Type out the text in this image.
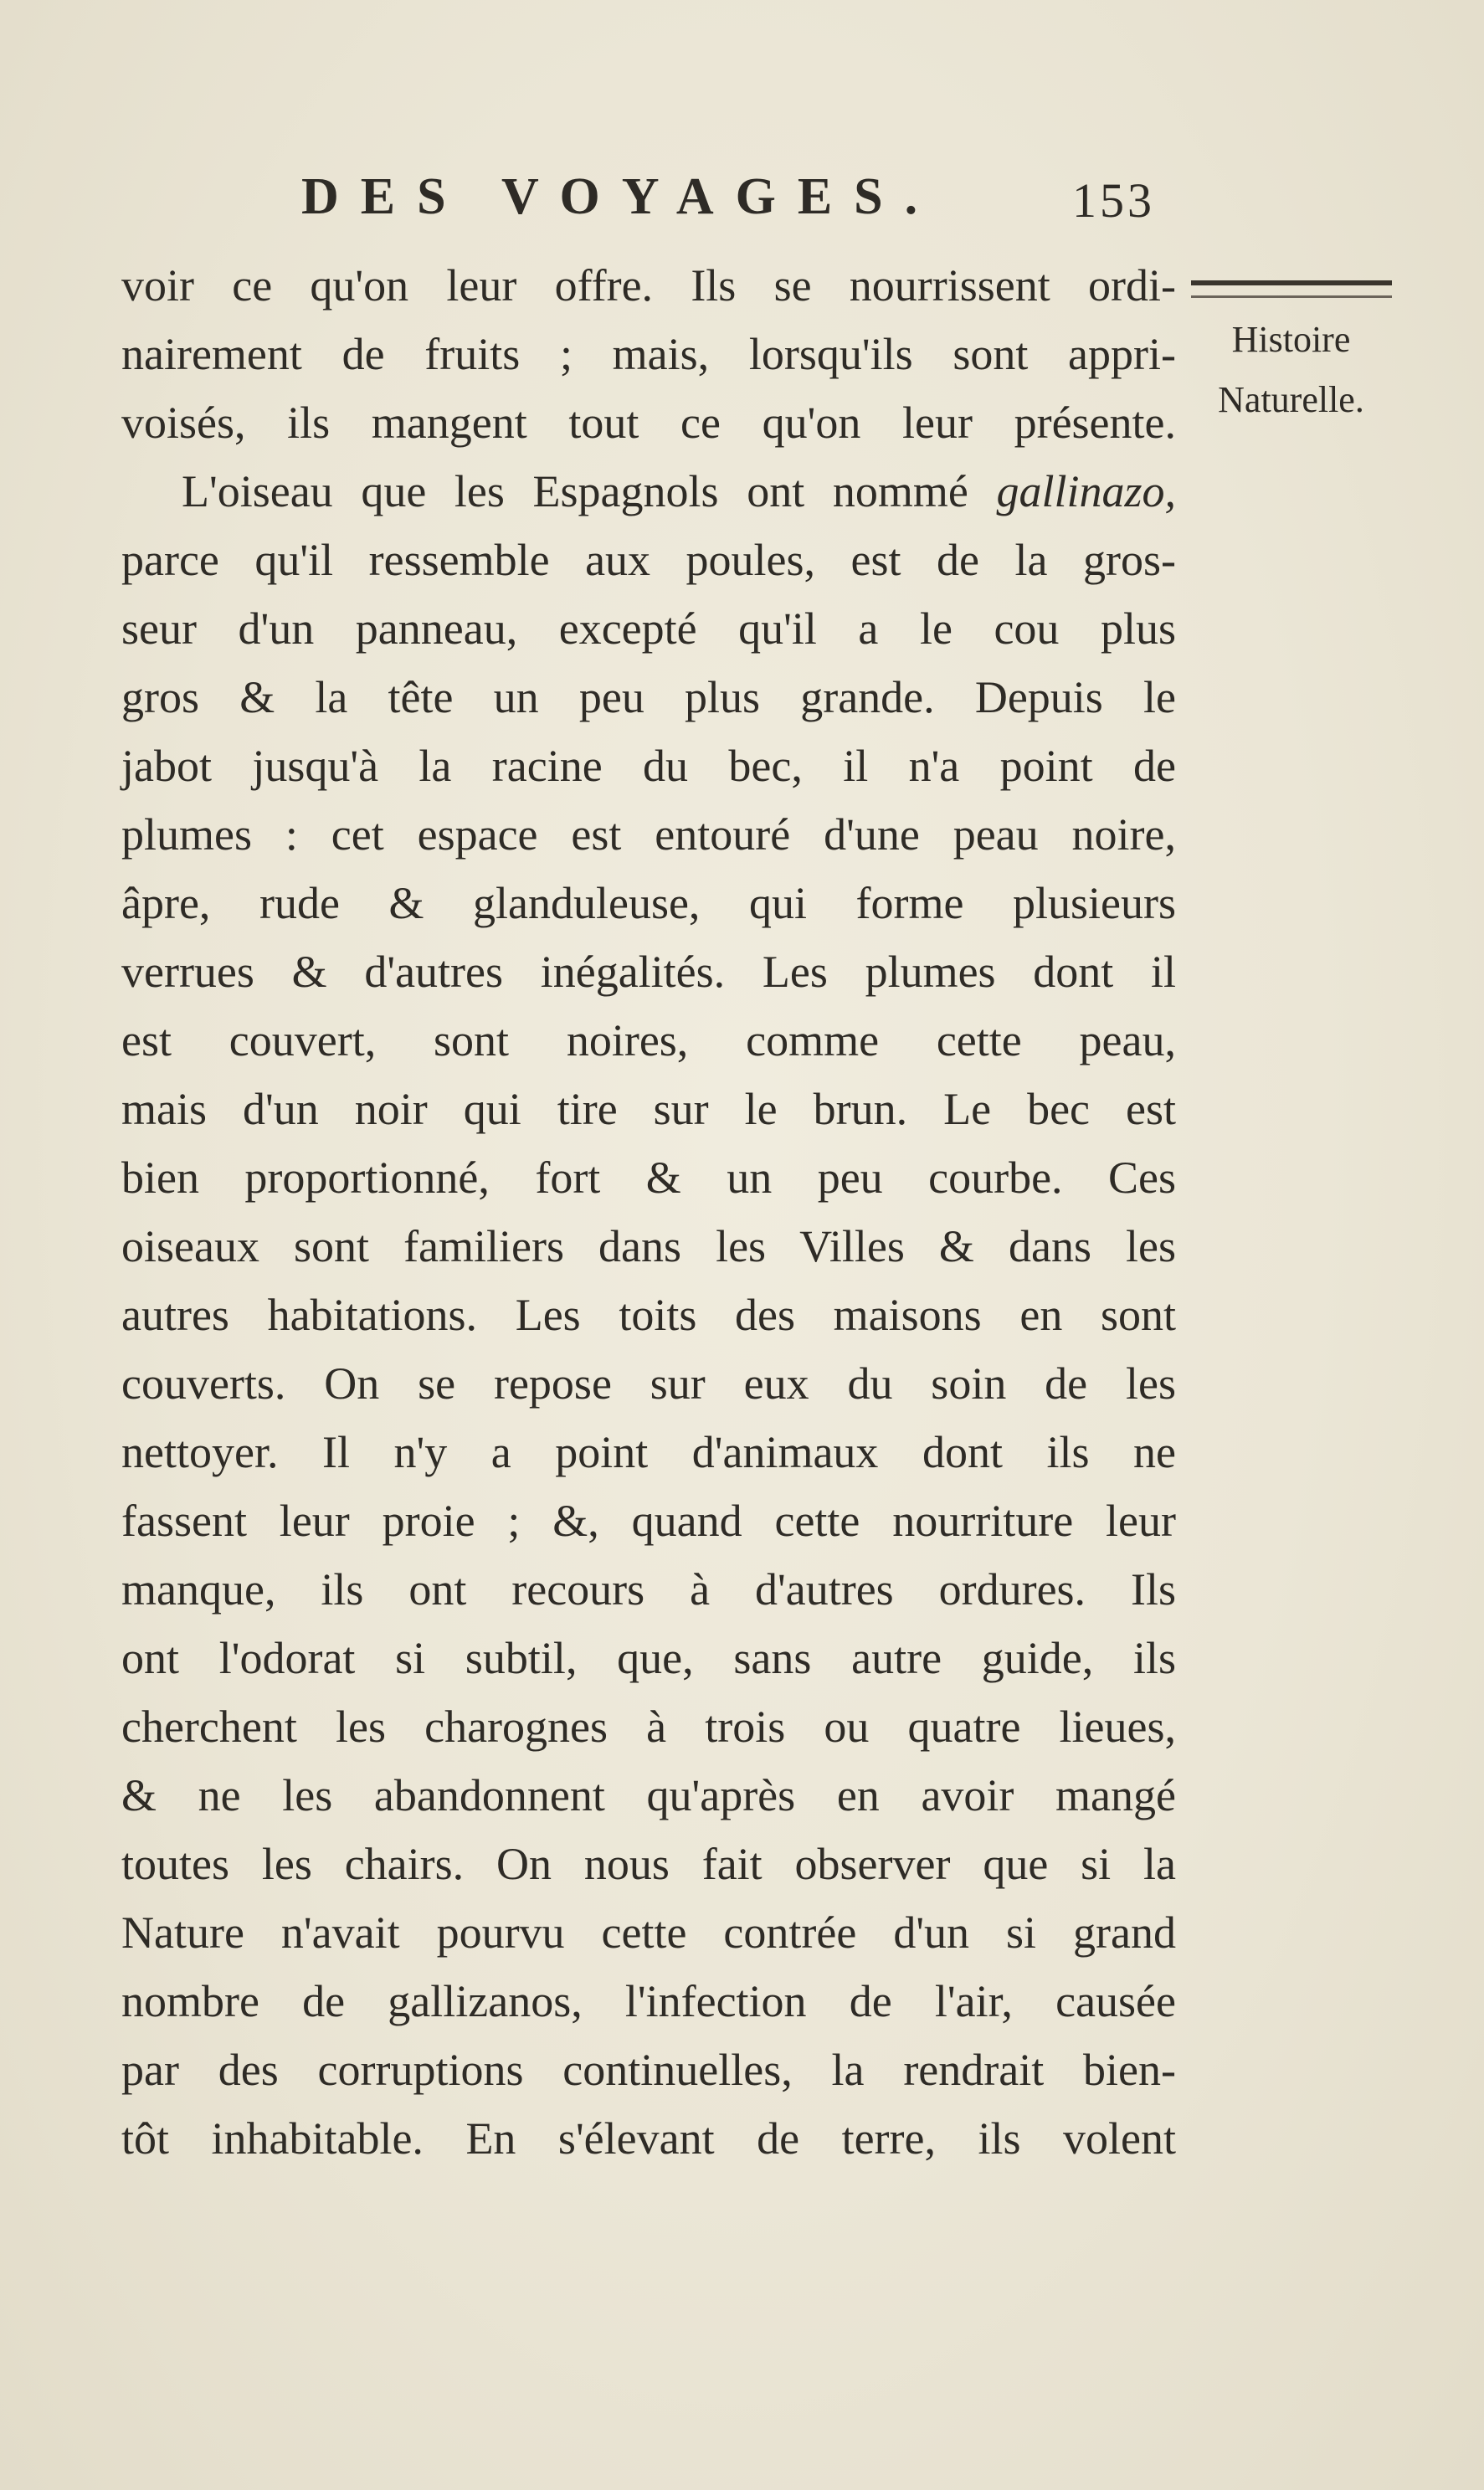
DES VOYAGES.	153
Histoire
Naturelle.
voir ce qu'on leur offre. Ils se nourrissent ordi-
nairement de fruits ; mais, lorsqu'ils sont appri-
voisés, ils mangent tout ce qu'on leur présente.
L'oiseau que les Espagnols ont nommé gallinazo,
parce qu'il ressemble aux poules, est de la gros-
seur d'un panneau, excepté qu'il a le cou plus
gros & la tête un peu plus grande. Depuis le
jabot jusqu'à la racine du bec, il n'a point de
plumes : cet espace est entouré d'une peau noire,
âpre, rude & glanduleuse, qui forme plusieurs
verrues & d'autres inégalités. Les plumes dont il
est couvert, sont noires, comme cette peau,
mais d'un noir qui tire sur le brun. Le bec est
bien proportionné, fort & un peu courbe. Ces
oiseaux sont familiers dans les Villes & dans les
autres habitations. Les toits des maisons en sont
couverts. On se repose sur eux du soin de les
nettoyer. Il n'y a point d'animaux dont ils ne
fassent leur proie ; &, quand cette nourriture leur
manque, ils ont recours à d'autres ordures. Ils
ont l'odorat si subtil, que, sans autre guide, ils
cherchent les charognes à trois ou quatre lieues,
& ne les abandonnent qu'après en avoir mangé
toutes les chairs. On nous fait observer que si la
Nature n'avait pourvu cette contrée d'un si grand
nombre de gallizanos, l'infection de l'air, causée
par des corruptions continuelles, la rendrait bien-
tôt inhabitable. En s'élevant de terre, ils volent
